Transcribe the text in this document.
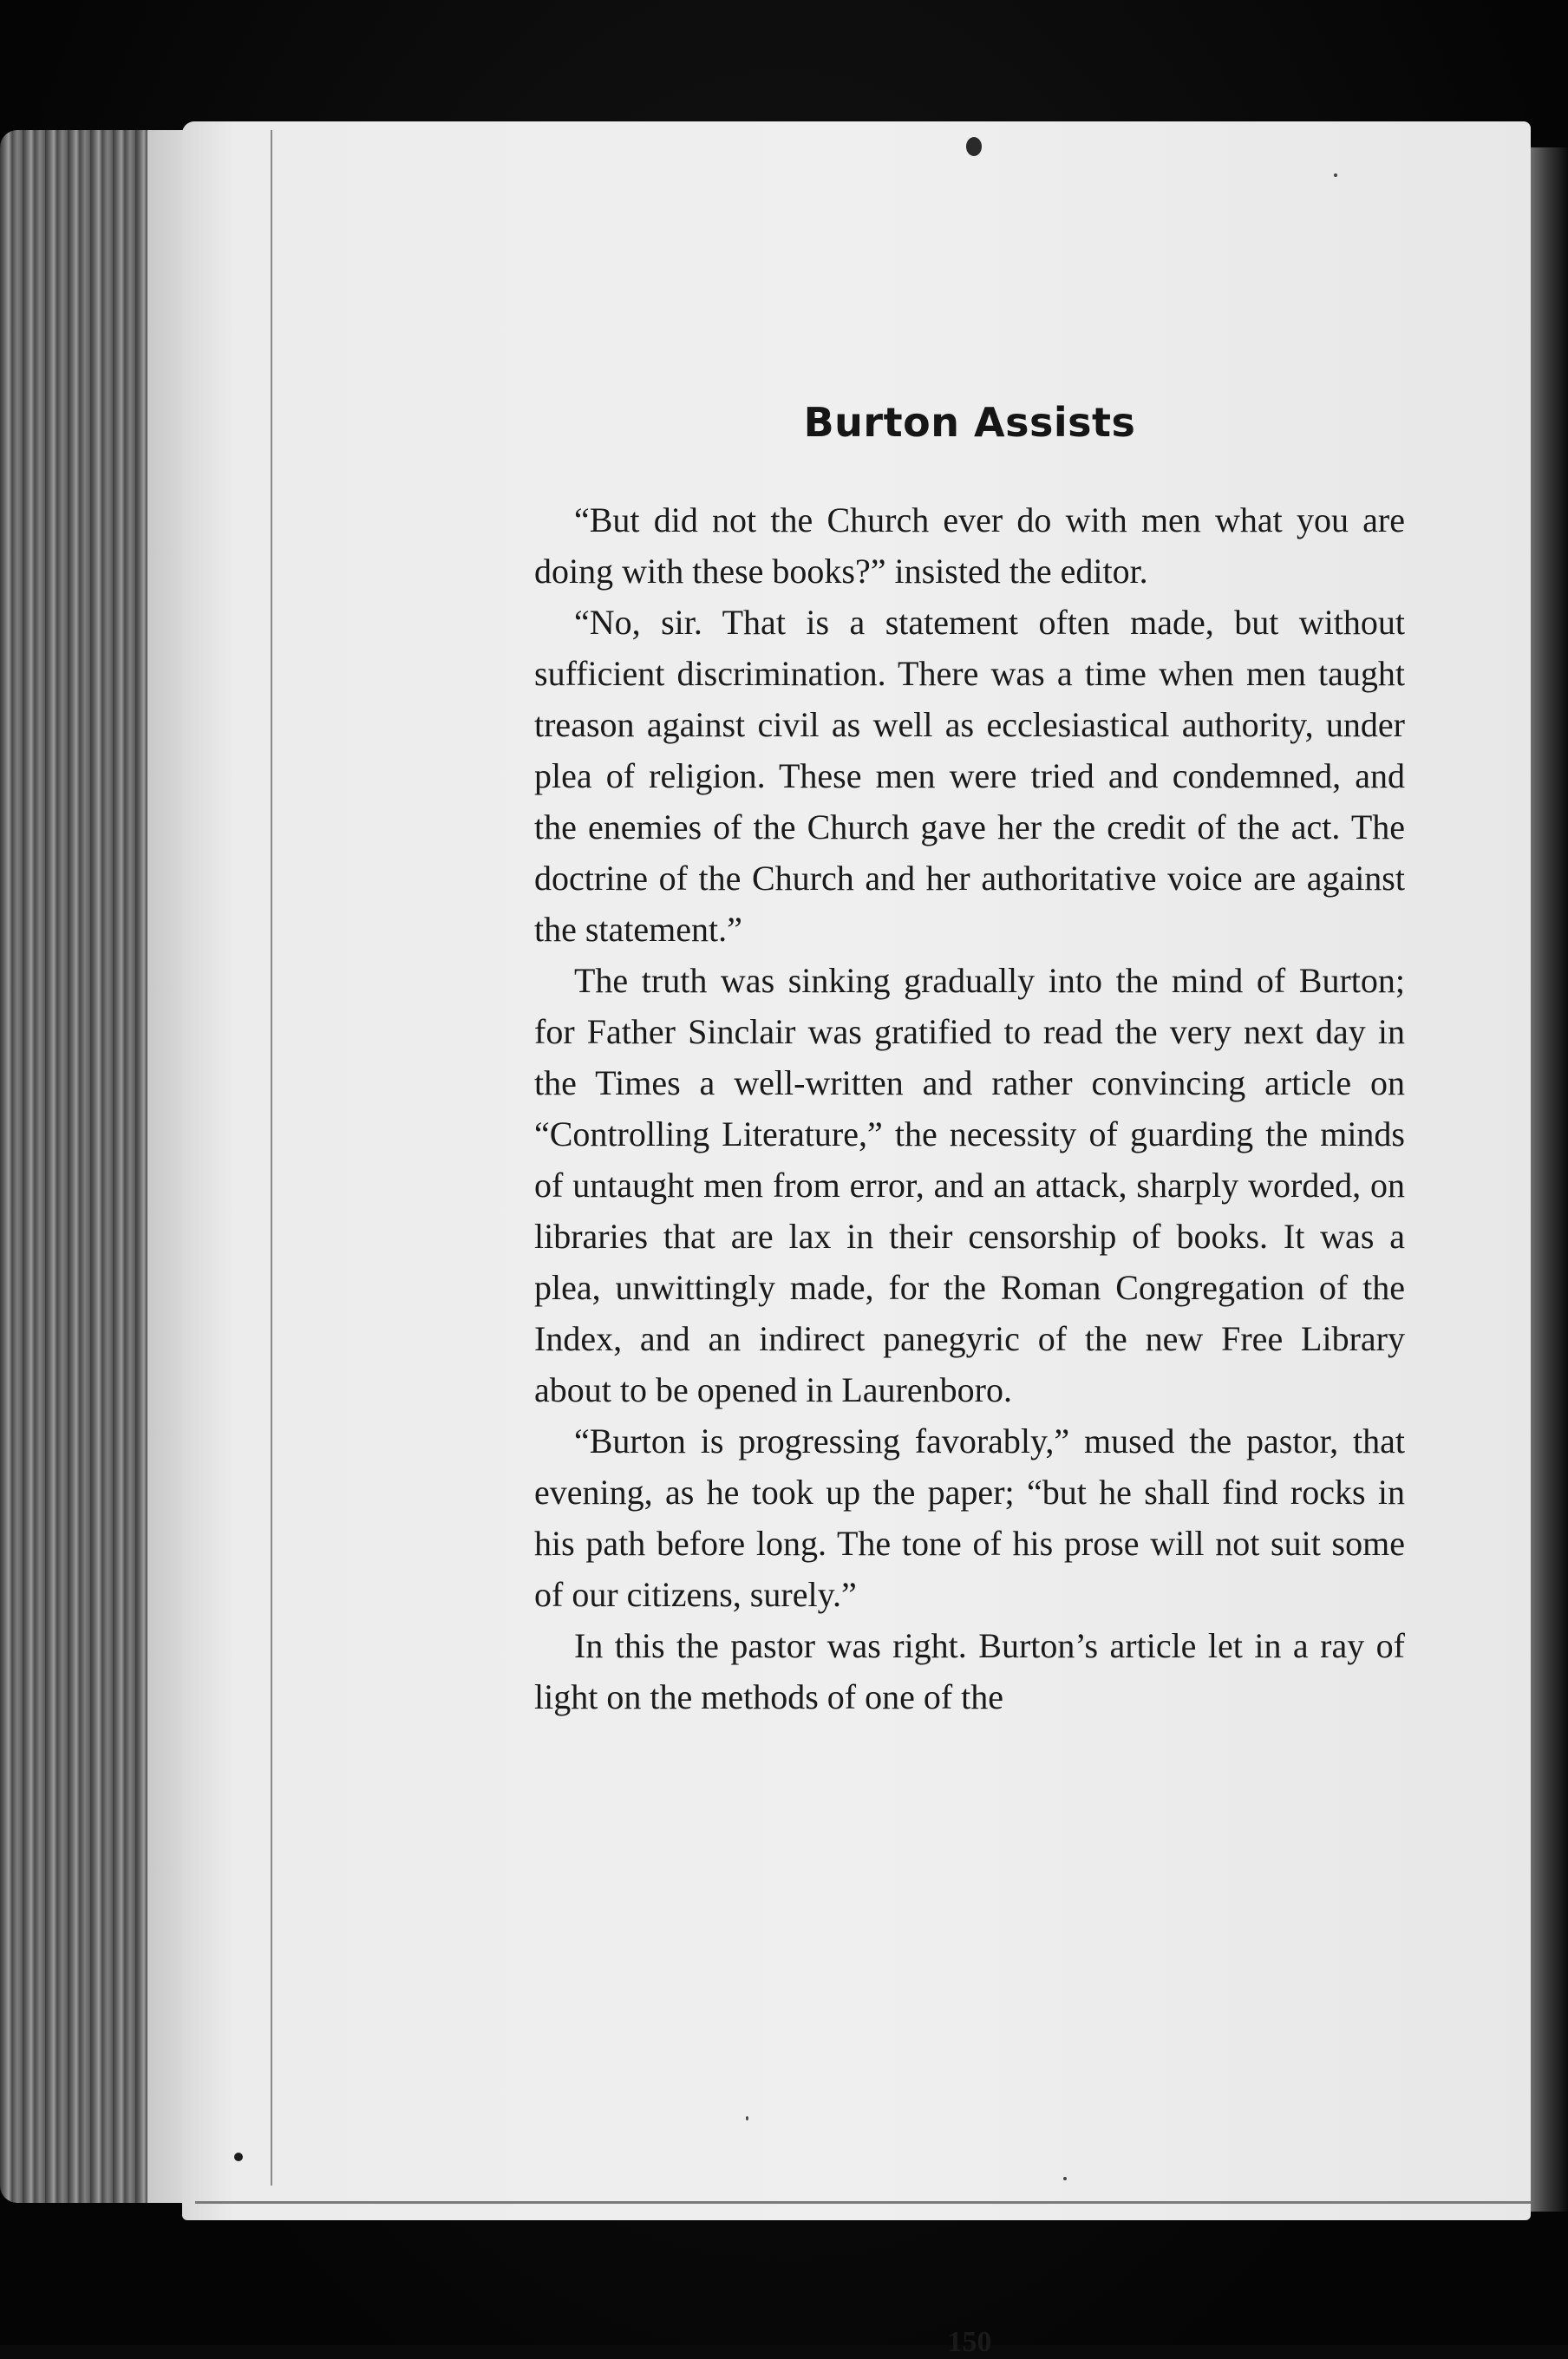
Burton Assists

“But did not the Church ever do with men what you are doing with these books?” insisted the editor.

“No, sir. That is a statement often made, but without sufficient discrimination. There was a time when men taught treason against civil as well as ecclesiastical authority, under plea of religion. These men were tried and condemned, and the enemies of the Church gave her the credit of the act. The doctrine of the Church and her authoritative voice are against the statement.”

The truth was sinking gradually into the mind of Burton; for Father Sinclair was gratified to read the very next day in the Times a well-written and rather convincing article on “Controlling Literature,” the necessity of guarding the minds of untaught men from error, and an attack, sharply worded, on libraries that are lax in their censorship of books. It was a plea, unwittingly made, for the Roman Congregation of the Index, and an indirect panegyric of the new Free Library about to be opened in Laurenboro.

“Burton is progressing favorably,” mused the pastor, that evening, as he took up the paper; “but he shall find rocks in his path before long. The tone of his prose will not suit some of our citizens, surely.”

In this the pastor was right. Burton’s article let in a ray of light on the methods of one of the

150
